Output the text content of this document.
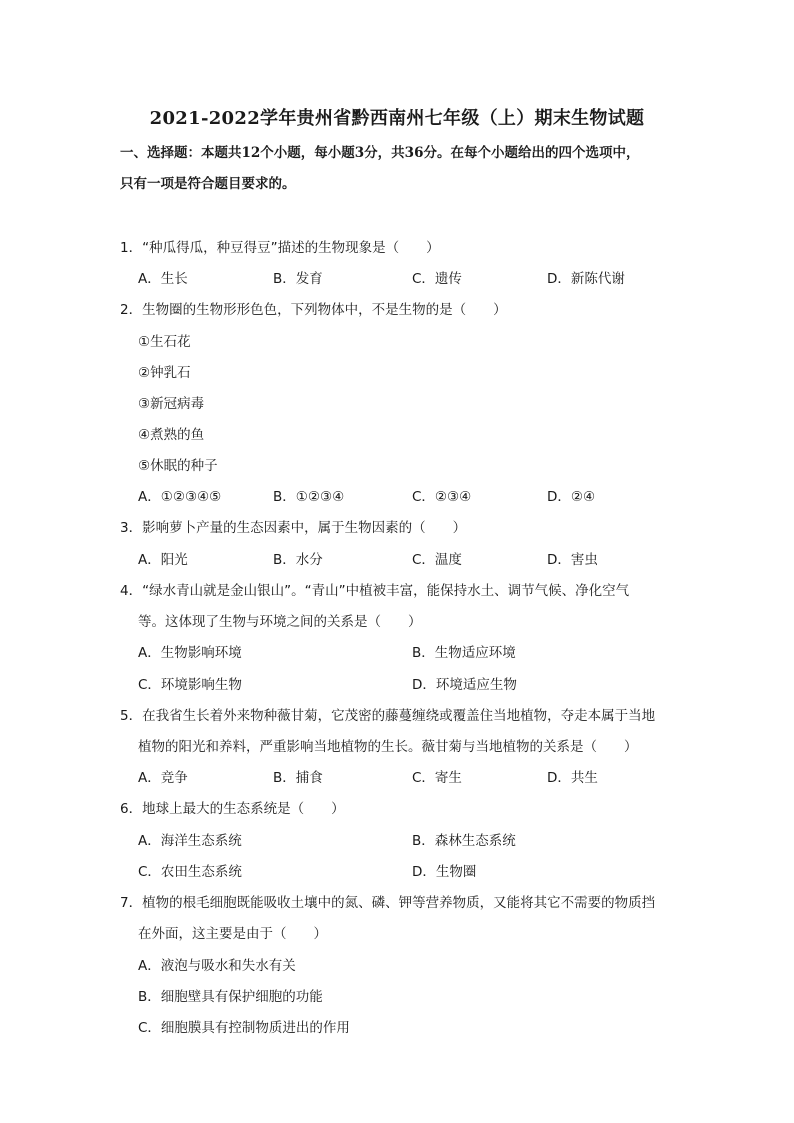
2021-2022学年贵州省黔西南州七年级（上）期末生物试题
一、选择题：本题共12个小题，每小题3分，共36分。在每个小题给出的四个选项中，
只有一项是符合题目要求的。
1．“种瓜得瓜，种豆得豆”描述的生物现象是（　　）
A．生长	B．发育	C．遗传	D．新陈代谢
2．生物圈的生物形形色色，下列物体中，不是生物的是（　　）
①生石花
②钟乳石
③新冠病毒
④煮熟的鱼
⑤休眠的种子
A．①②③④⑤	B．①②③④	C．②③④	D．②④
3．影响萝卜产量的生态因素中，属于生物因素的（　　）
A．阳光	B．水分	C．温度	D．害虫
4．“绿水青山就是金山银山”。“青山”中植被丰富，能保持水土、调节气候、净化空气
等。这体现了生物与环境之间的关系是（　　）
A．生物影响环境	B．生物适应环境
C．环境影响生物	D．环境适应生物
5．在我省生长着外来物种薇甘菊，它茂密的藤蔓缠绕或覆盖住当地植物，夺走本属于当地
植物的阳光和养料，严重影响当地植物的生长。薇甘菊与当地植物的关系是（　　）
A．竞争	B．捕食	C．寄生	D．共生
6．地球上最大的生态系统是（　　）
A．海洋生态系统	B．森林生态系统
C．农田生态系统	D．生物圈
7．植物的根毛细胞既能吸收土壤中的氮、磷、钾等营养物质，又能将其它不需要的物质挡
在外面，这主要是由于（　　）
A．液泡与吸水和失水有关
B．细胞壁具有保护细胞的功能
C．细胞膜具有控制物质进出的作用
